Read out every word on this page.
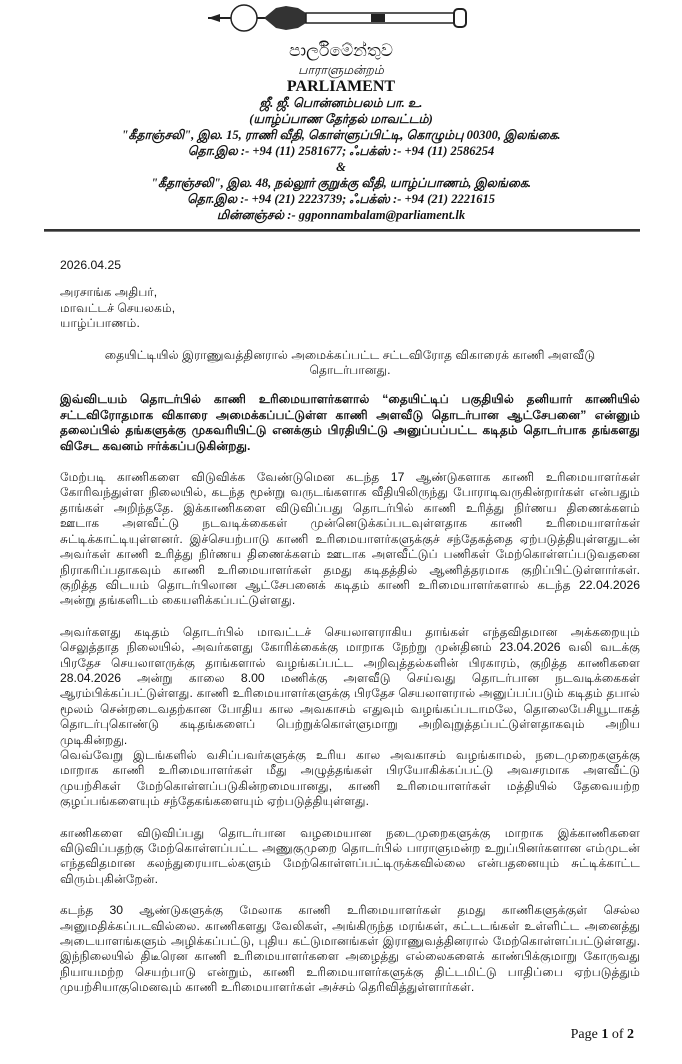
පාර්ලිමේන්තුව
பாராளுமன்றம்
PARLIAMENT
ஜீ. ஜீ. பொன்னம்பலம் பா. உ.
(யாழ்ப்பாண தேர்தல் மாவட்டம்)
"கீதாஞ்சலி", இல. 15, ராணி வீதி, கொள்ளுப்பிட்டி, கொழும்பு 00300, இலங்கை.
தொ.இல :- +94 (11) 2581677; ஃபக்ஸ் :- +94 (11) 2586254
&
"கீதாஞ்சலி", இல. 48, நல்லூர் குறுக்கு வீதி, யாழ்ப்பாணம், இலங்கை.
தொ.இல :- +94 (21) 2223739; ஃபக்ஸ் :- +94 (21) 2221615
மின்னஞ்சல் :- ggponnambalam@parliament.lk
2026.04.25
அரசாங்க அதிபர்,
மாவட்டச் செயலகம்,
யாழ்ப்பாணம்.
தையிட்டியில் இராணுவத்தினரால் அமைக்கப்பட்ட சட்டவிரோத விகாரைக் காணி அளவீடு
தொடர்பானது.
இவ்விடயம் தொடர்பில் காணி உரிமையாளர்களால் “தையிட்டிப் பகுதியில் தனியார் காணியில்
சட்டவிரோதமாக விகாரை அமைக்கப்பட்டுள்ள காணி அளவீடு தொடர்பான ஆட்சேபனை” என்னும்
தலைப்பில் தங்களுக்கு முகவரியிட்டு எனக்கும் பிரதியிட்டு அனுப்பப்பட்ட கடிதம் தொடர்பாக தங்களது
விசேட கவனம் ஈர்க்கப்படுகின்றது.
மேற்படி காணிகளை விடுவிக்க வேண்டுமென கடந்த 17 ஆண்டுகளாக காணி உரிமையாளர்கள்
கோரிவந்துள்ள நிலையில், கடந்த மூன்று வருடங்களாக வீதியிலிருந்து போராடிவருகின்றார்கள் என்பதும்
தாங்கள் அறிந்ததே. இக்காணிகளை விடுவிப்பது தொடர்பில் காணி உரித்து நிர்ணய திணைக்களம்
ஊடாக அளவீட்டு நடவடிக்கைகள் முன்னெடுக்கப்படவுள்ளதாக காணி உரிமையாளர்கள்
சுட்டிக்காட்டியுள்ளனர். இச்செயற்பாடு காணி உரிமையாளர்களுக்குச் சந்தேகத்தை ஏற்படுத்தியுள்ளதுடன்
அவர்கள் காணி உரித்து நிர்ணய திணைக்களம் ஊடாக அளவீட்டுப் பணிகள் மேற்கொள்ளப்படுவதனை
நிராகரிப்பதாகவும் காணி உரிமையாளர்கள் தமது கடிதத்தில் ஆணித்தரமாக குறிப்பிட்டுள்ளார்கள்.
குறித்த விடயம் தொடர்பிலான ஆட்சேபனைக் கடிதம் காணி உரிமையாளர்களால் கடந்த 22.04.2026
அன்று தங்களிடம் கையளிக்கப்பட்டுள்ளது.
அவர்களது கடிதம் தொடர்பில் மாவட்டச் செயலாளராகிய தாங்கள் எந்தவிதமான அக்கறையும்
செலுத்தாத நிலையில், அவர்களது கோரிக்கைக்கு மாறாக நேற்று முன்தினம் 23.04.2026 வலி வடக்கு
பிரதேச செயலாளருக்கு தாங்களால் வழங்கப்பட்ட அறிவுத்தல்களின் பிரகாரம், குறித்த காணிகளை
28.04.2026 அன்று காலை 8.00 மணிக்கு அளவீடு செய்வது தொடர்பான நடவடிக்கைகள்
ஆரம்பிக்கப்பட்டுள்ளது. காணி உரிமையாளர்களுக்கு பிரதேச செயலாளரால் அனுப்பப்படும் கடிதம் தபால்
மூலம் சென்றடைவதற்கான போதிய கால அவகாசம் எதுவும் வழங்கப்படாமலே, தொலைபேசியூடாகத்
தொடர்புகொண்டு கடிதங்களைப் பெற்றுக்கொள்ளுமாறு அறிவுறுத்தப்பட்டுள்ளதாகவும் அறிய முடிகின்றது.
வெவ்வேறு இடங்களில் வசிப்பவர்களுக்கு உரிய கால அவகாசம் வழங்காமல், நடைமுறைகளுக்கு
மாறாக காணி உரிமையாளர்கள் மீது அழுத்தங்கள் பிரயோகிக்கப்பட்டு அவசரமாக அளவீட்டு
முயற்சிகள் மேற்கொள்ளப்படுகின்றமையானது, காணி உரிமையாளர்கள் மத்தியில் தேவையற்ற
குழப்பங்களையும் சந்தேகங்களையும் ஏற்படுத்தியுள்ளது.
காணிகளை விடுவிப்பது தொடர்பான வழமையான நடைமுறைகளுக்கு மாறாக இக்காணிகளை
விடுவிப்பதற்கு மேற்கொள்ளப்பட்ட அணுகுமுறை தொடர்பில் பாராளுமன்ற உறுப்பினர்களான எம்முடன்
எந்தவிதமான கலந்துரையாடல்களும் மேற்கொள்ளப்பட்டிருக்கவில்லை என்பதனையும் சுட்டிக்காட்ட
விரும்புகின்றேன்.
கடந்த 30 ஆண்டுகளுக்கு மேலாக காணி உரிமையாளர்கள் தமது காணிகளுக்குள் செல்ல
அனுமதிக்கப்படவில்லை. காணிகளது வேலிகள், அங்கிருந்த மரங்கள், கட்டடங்கள் உள்ளிட்ட அனைத்து
அடையாளங்களும் அழிக்கப்பட்டு, புதிய கட்டுமானங்கள் இராணுவத்தினரால் மேற்கொள்ளப்பட்டுள்ளது.
இந்நிலையில் திடீரென காணி உரிமையாளர்களை அழைத்து எல்லைகளைக் காண்பிக்குமாறு கோருவது
நியாயமற்ற செயற்பாடு என்றும், காணி உரிமையாளர்களுக்கு திட்டமிட்டு பாதிப்பை ஏற்படுத்தும்
முயற்சியாகுமெனவும் காணி உரிமையாளர்கள் அச்சம் தெரிவித்துள்ளார்கள்.
Page 1 of 2
